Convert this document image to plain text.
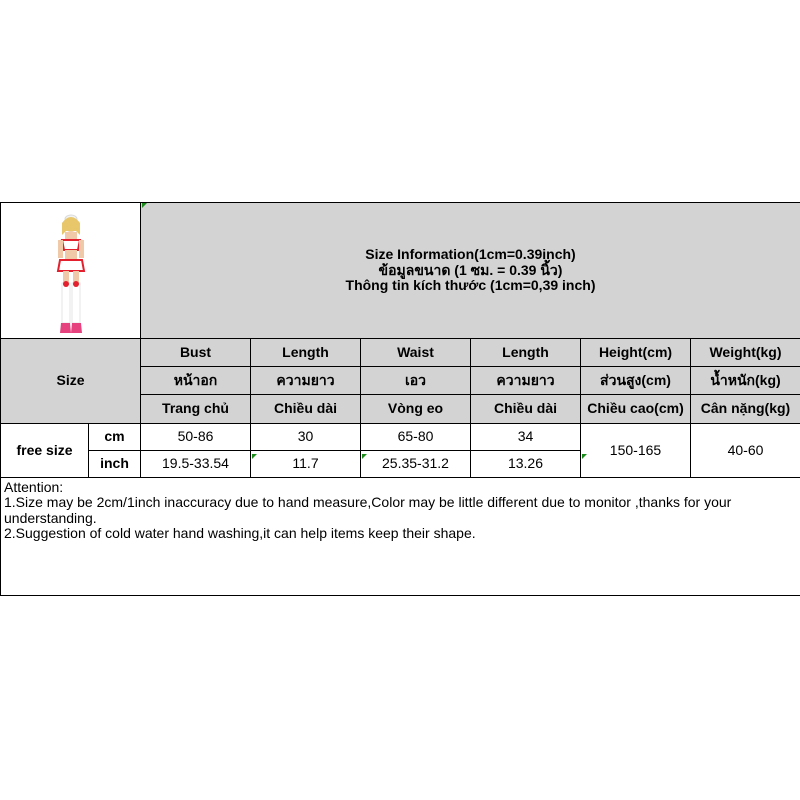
Size Information(1cm=0.39inch)
ข้อมูลขนาด (1 ซม. = 0.39 นิ้ว)
Thông tin kích thước (1cm=0,39 inch)					

Size		Bust	Length	Waist	Length	Height(cm)	Weight(kg)
		หน้าอก	ความยาว	เอว	ความยาว	ส่วนสูง(cm)	น้ำหนัก(kg)
		Trang chủ	Chiều dài	Vòng eo	Chiều dài	Chiều cao(cm)	Cân nặng(kg)
free size	cm	50-86	30	65-80	34	150-165	40-60
	inch	19.5-33.54	11.7	25.35-31.2	13.26		

Attention:
1.Size may be 2cm/1inch inaccuracy due to hand measure,Color may be little different due to monitor ,thanks for your understanding.
2.Suggestion of cold water hand washing,it can help items keep their shape.							
